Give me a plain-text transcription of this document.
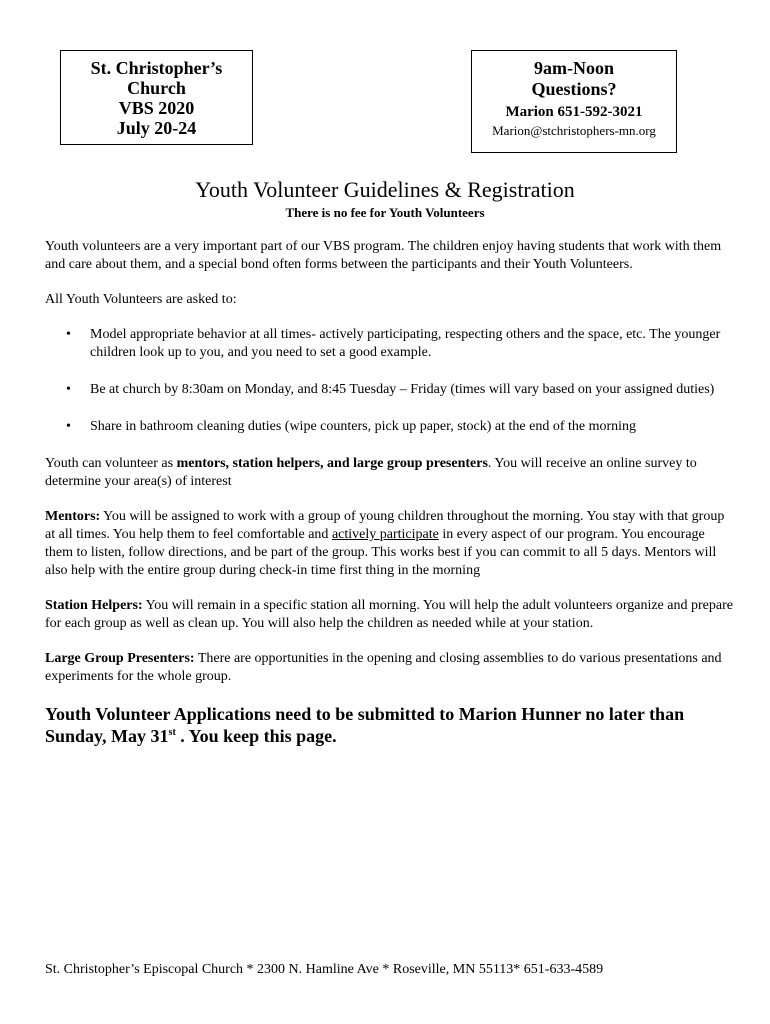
St. Christopher’s
Church
VBS 2020
July 20-24
9am-Noon
Questions?
Marion 651-592-3021
Marion@stchristophers-mn.org
Youth Volunteer Guidelines & Registration
There is no fee for Youth Volunteers

Youth volunteers are a very important part of our VBS program. The children enjoy having students that work with them and care about them, and a special bond often forms between the participants and their Youth Volunteers.

All Youth Volunteers are asked to:

• Model appropriate behavior at all times- actively participating, respecting others and the space, etc. The younger children look up to you, and you need to set a good example.
• Be at church by 8:30am on Monday, and 8:45 Tuesday – Friday (times will vary based on your assigned duties)
• Share in bathroom cleaning duties (wipe counters, pick up paper, stock) at the end of the morning

Youth can volunteer as mentors, station helpers, and large group presenters. You will receive an online survey to determine your area(s) of interest

Mentors: You will be assigned to work with a group of young children throughout the morning. You stay with that group at all times. You help them to feel comfortable and actively participate in every aspect of our program. You encourage them to listen, follow directions, and be part of the group. This works best if you can commit to all 5 days. Mentors will also help with the entire group during check-in time first thing in the morning

Station Helpers: You will remain in a specific station all morning. You will help the adult volunteers organize and prepare for each group as well as clean up. You will also help the children as needed while at your station.

Large Group Presenters: There are opportunities in the opening and closing assemblies to do various presentations and experiments for the whole group.

Youth Volunteer Applications need to be submitted to Marion Hunner no later than Sunday, May 31st . You keep this page.

St. Christopher’s Episcopal Church * 2300 N. Hamline Ave * Roseville, MN 55113* 651-633-4589
